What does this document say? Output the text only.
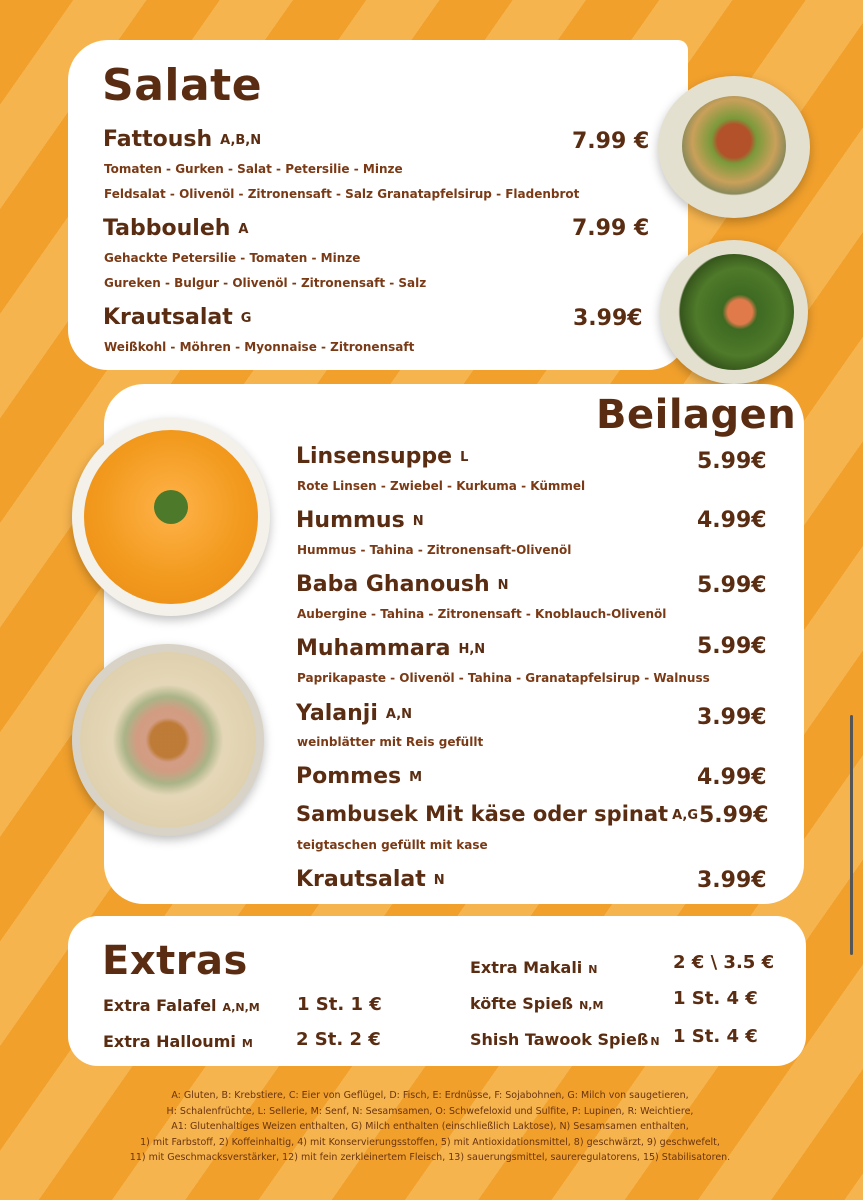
Salate
Fattoush A,B,N	7.99 €
Tomaten - Gurken - Salat - Petersilie - Minze
Feldsalat - Olivenöl - Zitronensaft - Salz Granatapfelsirup - Fladenbrot
Tabbouleh A	7.99 €
Gehackte Petersilie - Tomaten - Minze
Gureken - Bulgur - Olivenöl - Zitronensaft - Salz
Krautsalat G	3.99€
Weißkohl - Möhren - Myonnaise - Zitronensaft
Beilagen
Linsensuppe L	5.99€
Rote Linsen - Zwiebel - Kurkuma - Kümmel
Hummus N	4.99€
Hummus - Tahina - Zitronensaft-Olivenöl
Baba Ghanoush N	5.99€
Aubergine - Tahina - Zitronensaft - Knoblauch-Olivenöl
Muhammara H,N	5.99€
Paprikapaste - Olivenöl - Tahina - Granatapfelsirup - Walnuss
Yalanji A,N	3.99€
weinblätter mit Reis gefüllt
Pommes M	4.99€
Sambusek Mit käse oder spinat A,G 5.99€
teigtaschen gefüllt mit kase
Krautsalat N	3.99€
Extras
Extra Falafel A,N,M 1 St. 1 €
Extra Halloumi M 2 St. 2 €
Extra Makali N	2 € \ 3.5 €
köfte Spieß N,M	1 St. 4 €
Shish Tawook Spieß N 1 St. 4 €
A: Gluten, B: Krebstiere, C: Eier von Geflügel, D: Fisch, E: Erdnüsse, F: Sojabohnen, G: Milch von saugetieren,
H: Schalenfrüchte, L: Sellerie, M: Senf, N: Sesamsamen, O: Schwefeloxid und Sulfite, P: Lupinen, R: Weichtiere,
A1: Glutenhaltiges Weizen enthalten, G) Milch enthalten (einschließlich Laktose), N) Sesamsamen enthalten,
1) mit Farbstoff, 2) Koffeinhaltig, 4) mit Konservierungsstoffen, 5) mit Antioxidationsmittel, 8) geschwärzt, 9) geschwefelt,
11) mit Geschmacksverstärker, 12) mit fein zerkleinertem Fleisch, 13) sauerungsmittel, saureregulatorens, 15) Stabilisatoren.
